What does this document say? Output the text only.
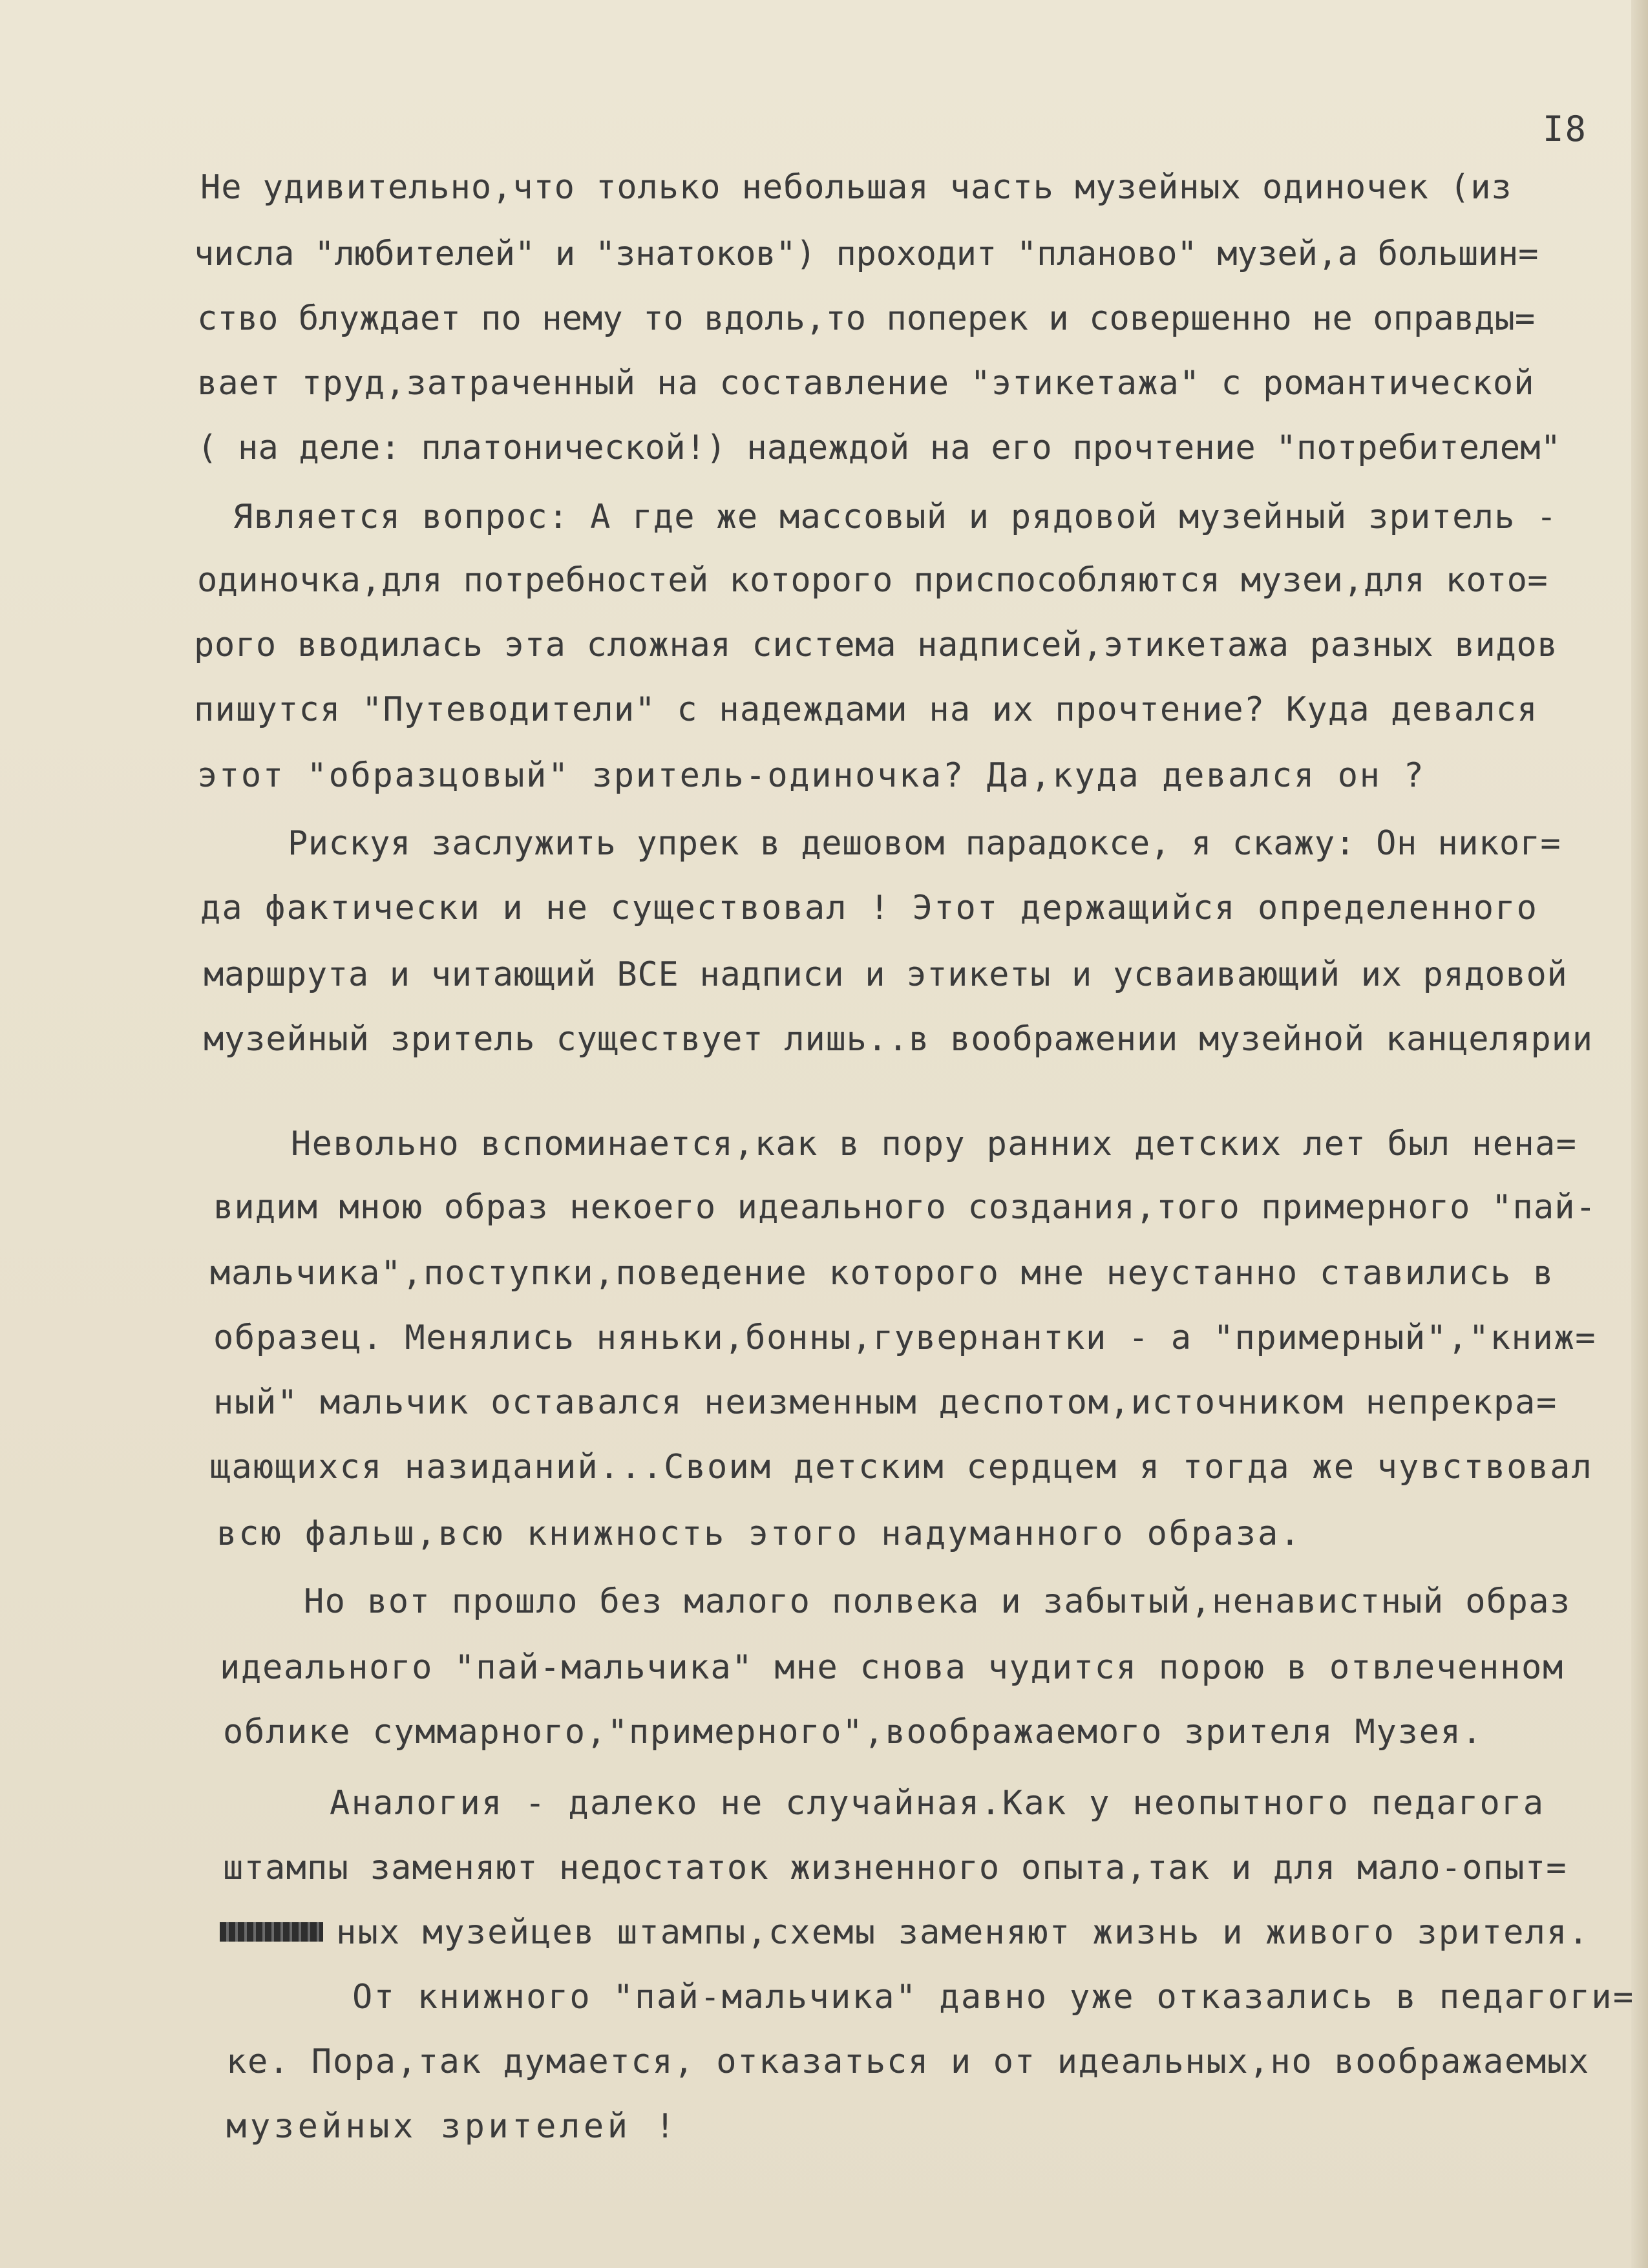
I8
Не удивительно,что только небольшая часть музейных одиночек (из
числа "любителей" и "знатоков") проходит "планово" музей,а большин=
ство блуждает по нему то вдоль,то поперек и совершенно не оправды=
вает труд,затраченный на составление "этикетажа" с романтической
( на деле: платонической!) надеждой на его прочтение "потребителем"
Является вопрос: А где же массовый и рядовой музейный зритель -
одиночка,для потребностей которого приспособляются музеи,для кото=
рого вводилась эта сложная система надписей,этикетажа разных видов
пишутся "Путеводители" с надеждами на их прочтение? Куда девался
этот "образцовый" зритель-одиночка? Да,куда девался он ?
Рискуя заслужить упрек в дешовом парадоксе, я скажу: Он никог=
да фактически и не существовал ! Этот держащийся определенного
маршрута и читающий ВСЕ надписи и этикеты и усваивающий их рядовой
музейный зритель существует лишь..в воображении музейной канцелярии
Невольно вспоминается,как в пору ранних детских лет был нена=
видим мною образ некоего идеального создания,того примерного "пай-
мальчика",поступки,поведение которого мне неустанно ставились в
образец. Менялись няньки,бонны,гувернантки - а "примерный","книж=
ный" мальчик оставался неизменным деспотом,источником непрекра=
щающихся назиданий...Своим детским сердцем я тогда же чувствовал
всю фальш,всю книжность этого надуманного образа.
Но вот прошло без малого полвека и забытый,ненавистный образ
идеального "пай-мальчика" мне снова чудится порою в отвлеченном
облике суммарного,"примерного",воображаемого зрителя Музея.
Аналогия - далеко не случайная.Как у неопытного педагога
штампы заменяют недостаток жизненного опыта,так и для мало-опыт=
ных музейцев штампы,схемы заменяют жизнь и живого зрителя.
От книжного "пай-мальчика" давно уже отказались в педагоги=
ке. Пора,так думается, отказаться и от идеальных,но воображаемых
музейных зрителей !
